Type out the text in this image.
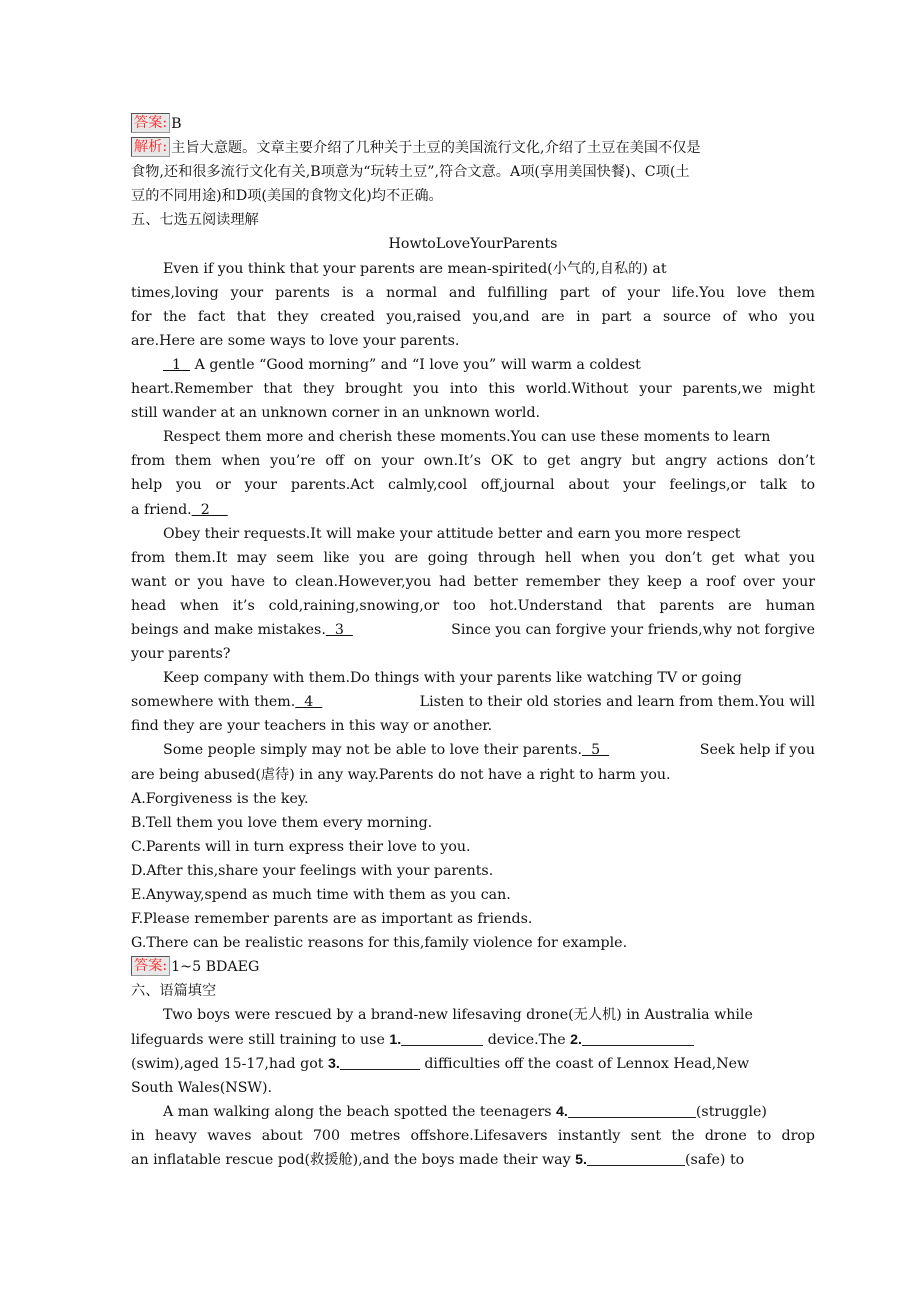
答案: B
解析: 主旨大意题。文章主要介绍了几种关于土豆的美国流行文化,介绍了土豆在美国不仅是
食物,还和很多流行文化有关,B项意为“玩转土豆”,符合文意。A项(享用美国快餐)、C项(土
豆的不同用途)和D项(美国的食物文化)均不正确。
五、七选五阅读理解
HowtoLoveYourParents
Even if you think that your parents are mean-spirited(小气的,自私的) at
times,loving your parents is a normal and fulfilling part of your life.You love them
for the fact that they created you,raised you,and are in part a source of who you
are.Here are some ways to love your parents.
1   A gentle “Good morning” and “I love you” will warm a coldest
heart.Remember that they brought you into this world.Without your parents,we might
still wander at an unknown corner in an unknown world.
Respect them more and cherish these moments.You can use these moments to learn
from them when you’re off on your own.It’s OK to get angry but angry actions don’t
help you or your parents.Act calmly,cool off,journal about your feelings,or talk to
a friend.  2
Obey their requests.It will make your attitude better and earn you more respect
from them.It may seem like you are going through hell when you don’t get what you
want or you have to clean.However,you had better remember they keep a roof over your
head when it’s cold,raining,snowing,or too hot.Understand that parents are human
beings and make mistakes.  3	Since you can forgive your friends,why not forgive
your parents?
Keep company with them.Do things with your parents like watching TV or going
somewhere with them.  4	Listen to their old stories and learn from them.You will
find they are your teachers in this way or another.
Some people simply may not be able to love their parents.  5	Seek help if you
are being abused(虐待) in any way.Parents do not have a right to harm you.
A.Forgiveness is the key.
B.Tell them you love them every morning.
C.Parents will in turn express their love to you.
D.After this,share your feelings with your parents.
E.Anyway,spend as much time with them as you can.
F.Please remember parents are as important as friends.
G.There can be realistic reasons for this,family violence for example.
答案: 1~5 BDAEG
六、语篇填空
Two boys were rescued by a brand-new lifesaving drone(无人机) in Australia while
lifeguards were still training to use 1.	device.The 2.
(swim),aged 15-17,had got 3.	difficulties off the coast of Lennox Head,New
South Wales(NSW).
A man walking along the beach spotted the teenagers 4.	(struggle)
in heavy waves about 700 metres offshore.Lifesavers instantly sent the drone to drop
an inflatable rescue pod(救援舱),and the boys made their way 5.	(safe) to
